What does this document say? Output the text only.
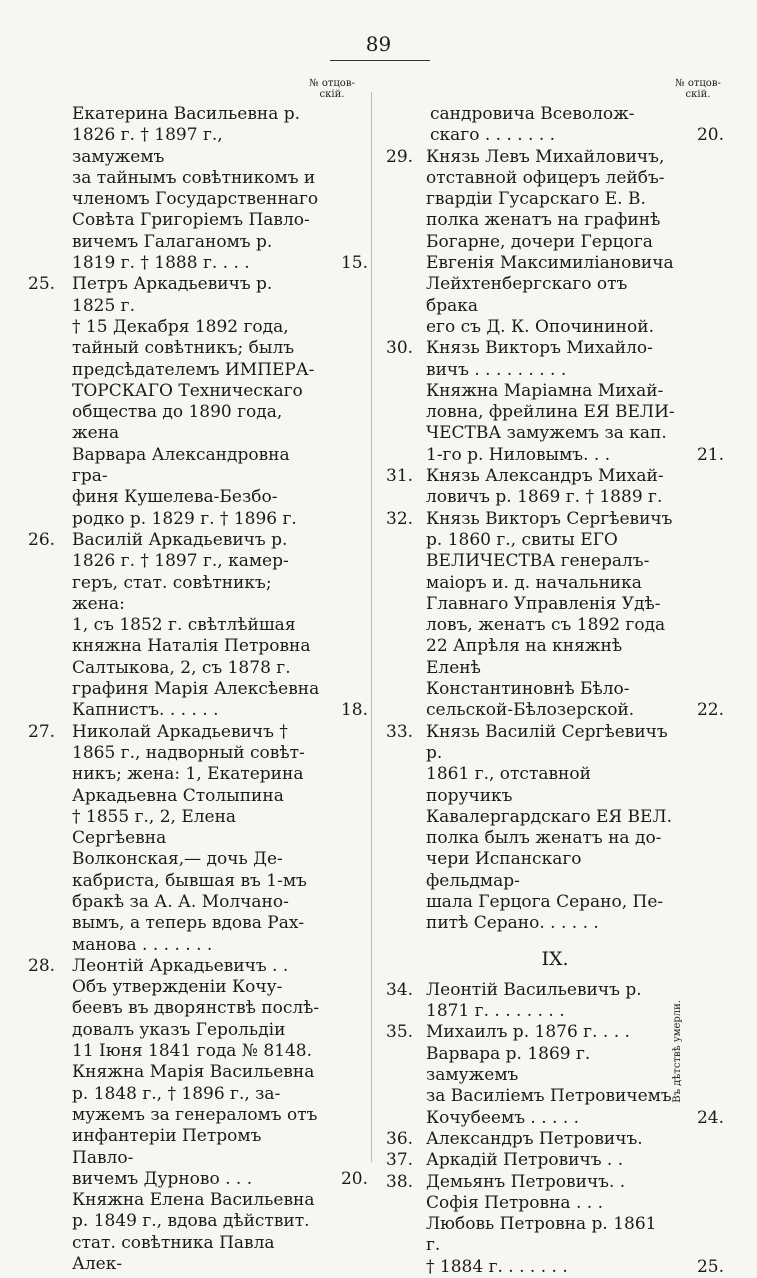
89
№ отцов-
скій.
№ отцов-
скій.
Екатерина Васильевна р.
1826 г. † 1897 г., замужемъ
за тайнымъ совѣтникомъ и
членомъ Государственнаго
Совѣта Григоріемъ Павло-
вичемъ Галаганомъ р.
1819 г. † 1888 г. . . .	15.
25. Петръ Аркадьевичъ р. 1825 г.
† 15 Декабря 1892 года,
тайный совѣтникъ; былъ
предсѣдателемъ ИМПЕРА-
ТОРСКАГО Техническаго
общества до 1890 года, жена
Варвара Александровна гра-
финя Кушелева-Безбо-
родко р. 1829 г. † 1896 г.
26. Василій Аркадьевичъ р.
1826 г. † 1897 г., камер-
геръ, стат. совѣтникъ; жена:
1, съ 1852 г. свѣтлѣйшая
княжна Наталія Петровна
Салтыкова, 2, съ 1878 г.
графиня Марія Алексѣевна
Капнистъ. . . . . .	18.
27. Николай Аркадьевичъ †
1865 г., надворный совѣт-
никъ; жена: 1, Екатерина
Аркадьевна Столыпина
† 1855 г., 2, Елена Сергѣевна
Волконская,— дочь Де-
кабриста, бывшая въ 1-мъ
бракѣ за А. А. Молчано-
вымъ, а теперь вдова Рах-
манова . . . . . . .
28. Леонтій Аркадьевичъ . .
Объ утвержденіи Кочу-
беевъ въ дворянствѣ послѣ-
довалъ указъ Герольдіи
11 Іюня 1841 года № 8148.
Княжна Марія Васильевна
р. 1848 г., † 1896 г., за-
мужемъ за генераломъ отъ
инфантеріи Петромъ Павло-
вичемъ Дурново . . .	20.
Княжна Елена Васильевна
р. 1849 г., вдова дѣйствит.
стат. совѣтника Павла Алек-
сандровича Всеволож-
скаго . . . . . . .	20.
29. Князь Левъ Михайловичъ,
отставной офицеръ лейбъ-
гвардіи Гусарскаго Е. В.
полка женатъ на графинѣ
Богарне, дочери Герцога
Евгенія Максимиліановича
Лейхтенбергскаго отъ брака
его съ Д. К. Опочининой.
30. Князь Викторъ Михайло-
вичъ . . . . . . . . .
Княжна Маріамна Михай-
ловна, фрейлина ЕЯ ВЕЛИ-
ЧЕСТВА замужемъ за кап.
1-го р. Ниловымъ. . .	21.
31. Князь Александръ Михай-
ловичъ р. 1869 г. † 1889 г.
32. Князь Викторъ Сергѣевичъ
р. 1860 г., свиты ЕГО
ВЕЛИЧЕСТВА генералъ-
маіоръ и. д. начальника
Главнаго Управленія Удѣ-
ловъ, женатъ съ 1892 года
22 Апрѣля на княжнѣ Еленѣ
Константиновнѣ Бѣло-
сельской-Бѣлозерской.	22.
33. Князь Василій Сергѣевичъ р.
1861 г., отставной поручикъ
Кавалергардскаго ЕЯ ВЕЛ.
полка былъ женатъ на до-
чери Испанскаго фельдмар-
шала Герцога Серано, Пе-
питѣ Серано. . . . . .
IX.
34. Леонтій Васильевичъ р.
1871 г. . . . . . . .
35. Михаилъ р. 1876 г. . . .
Варвара р. 1869 г. замужемъ
за Василіемъ Петровичемъ
Кочубеемъ . . . . .	24.
36. Александръ Петровичъ.
37. Аркадій Петровичъ . .
38. Демьянъ Петровичъ. .
Софія Петровна . . .
Любовь Петровна р. 1861 г.
† 1884 г. . . . . . .	25.
Въ дѣтствѣ умерли.
